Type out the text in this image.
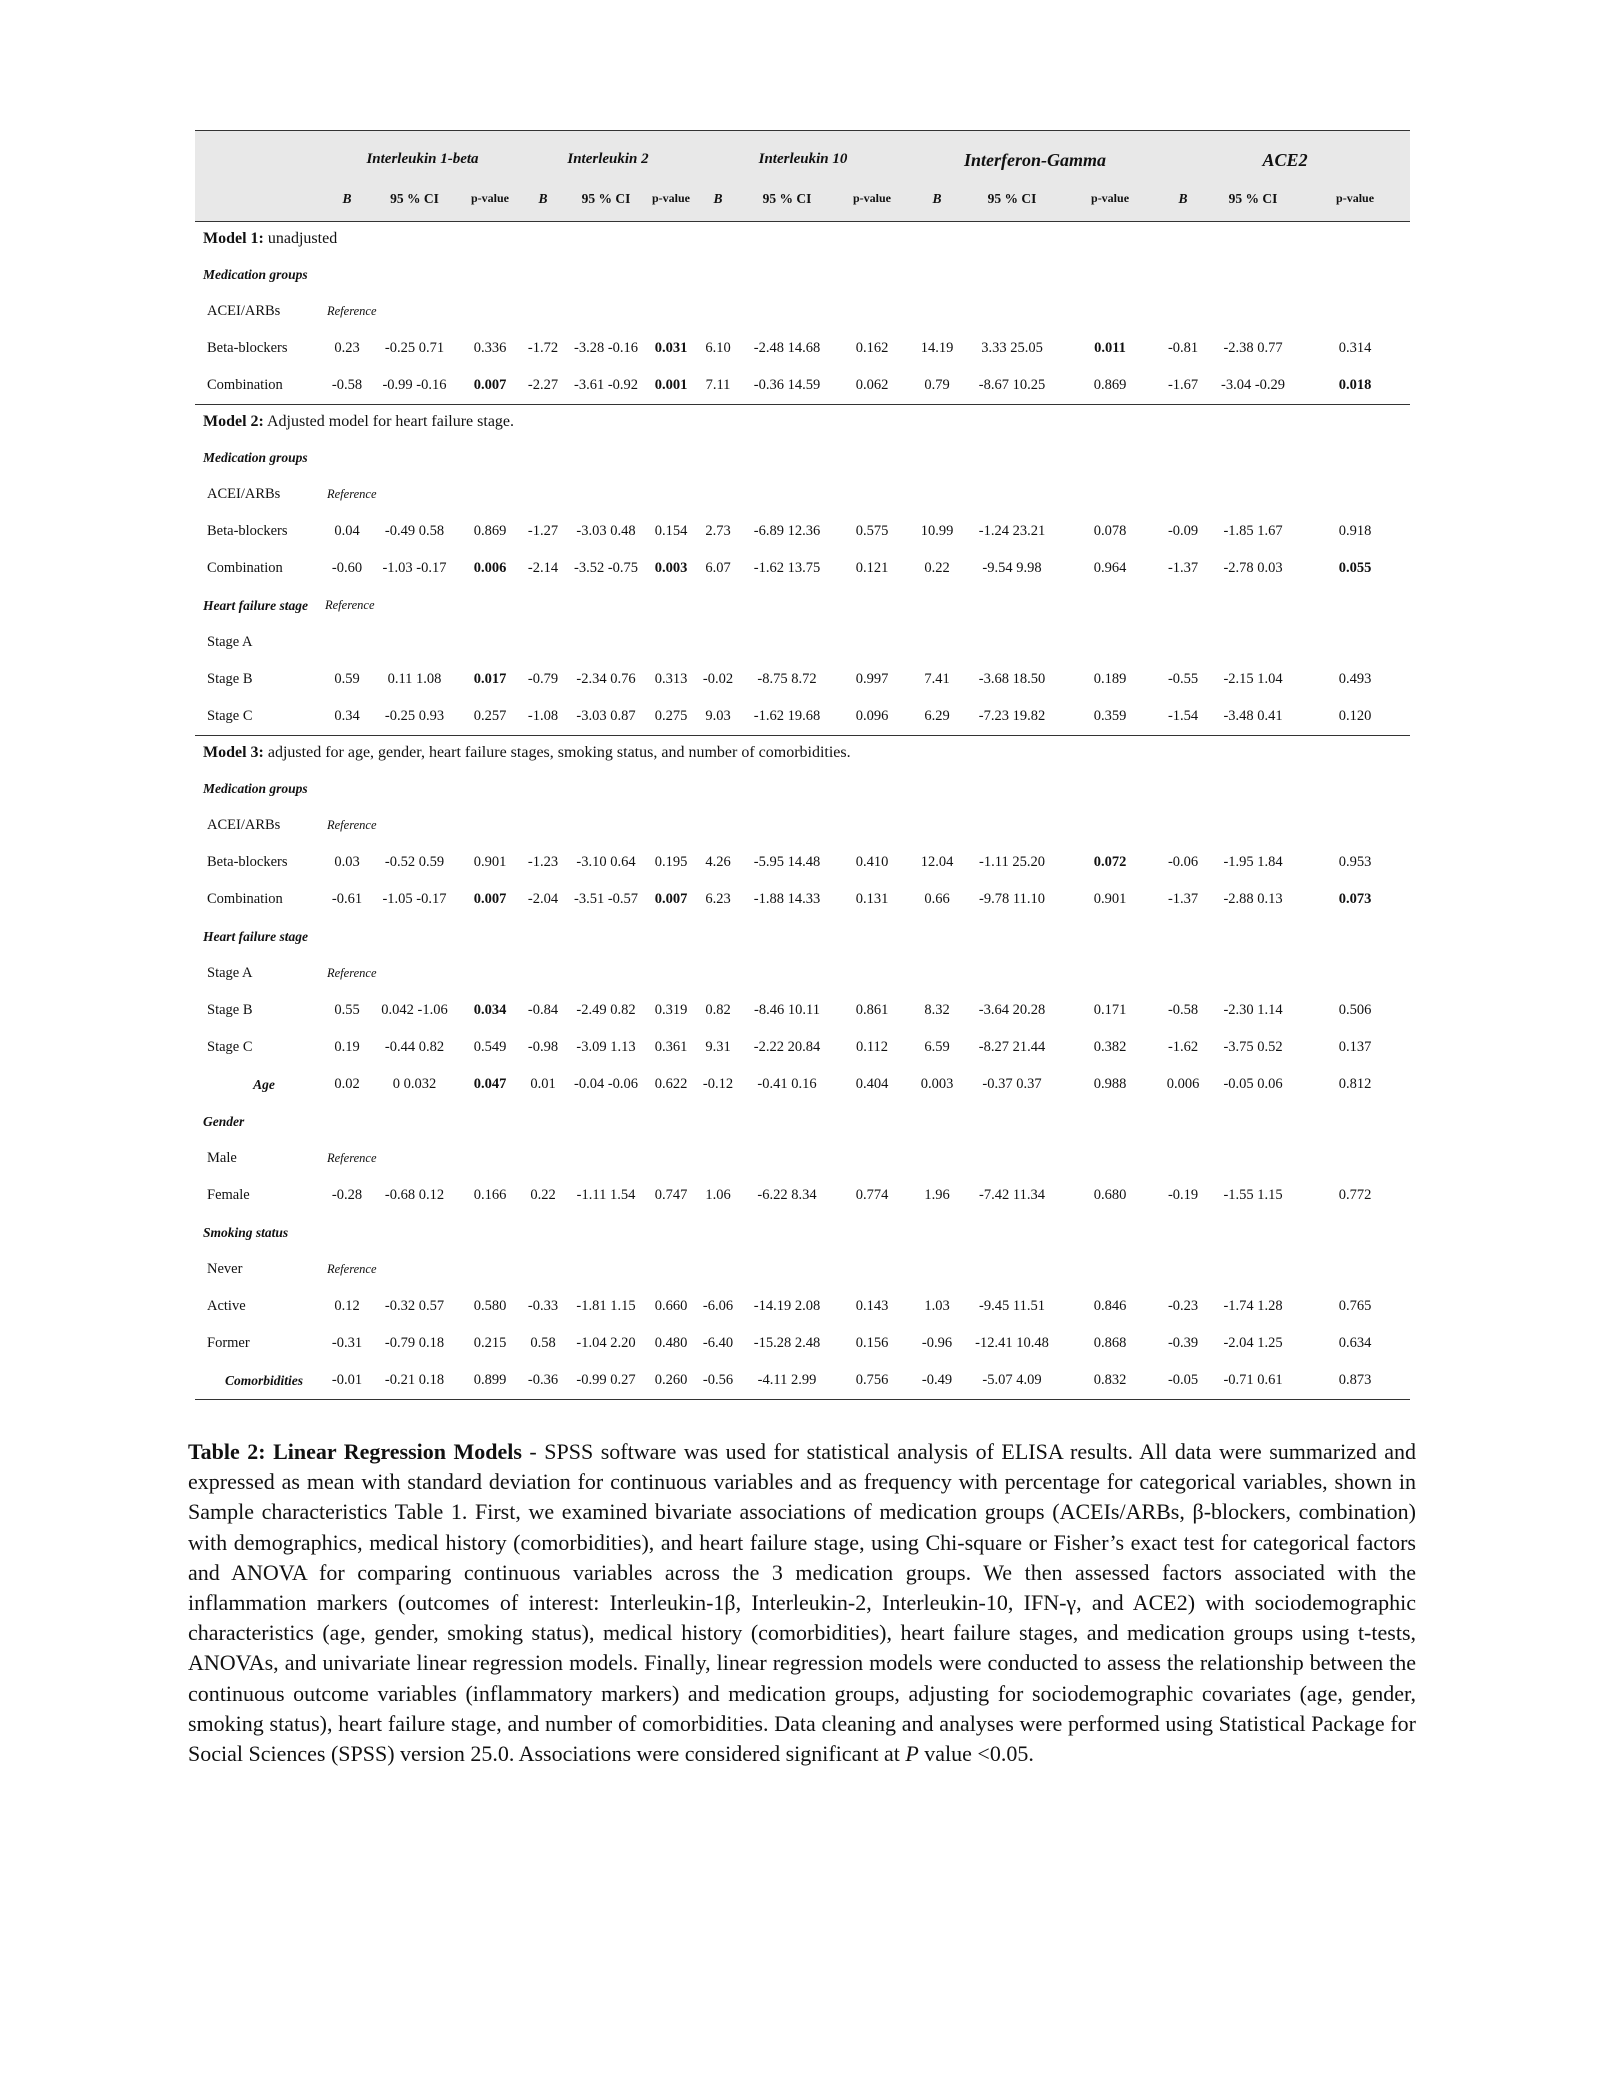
	Interleukin 1-beta			Interleukin 2			Interleukin 10			Interferon-Gamma			ACE2		

	B	95 % CI	p-value	B	95 % CI	p-value	B	95 % CI	p-value	B	95 % CI	p-value	B	95 % CI	p-value
Model 1: unadjusted															
Medication groups															
ACEI/ARBs	Reference														
Beta-blockers	0.23	-0.25 0.71	0.336	-1.72	-3.28 -0.16	0.031	6.10	-2.48 14.68	0.162	14.19	3.33 25.05	0.011	-0.81	-2.38 0.77	0.314
Combination	-0.58	-0.99 -0.16	0.007	-2.27	-3.61 -0.92	0.001	7.11	-0.36 14.59	0.062	0.79	-8.67 10.25	0.869	-1.67	-3.04 -0.29	0.018
Model 2: Adjusted model for heart failure stage.															
Medication groups															
ACEI/ARBs	Reference														
Beta-blockers	0.04	-0.49 0.58	0.869	-1.27	-3.03 0.48	0.154	2.73	-6.89 12.36	0.575	10.99	-1.24 23.21	0.078	-0.09	-1.85 1.67	0.918
Combination	-0.60	-1.03 -0.17	0.006	-2.14	-3.52 -0.75	0.003	6.07	-1.62 13.75	0.121	0.22	-9.54 9.98	0.964	-1.37	-2.78 0.03	0.055
Heart failure stage	Reference														
Stage A															
Stage B	0.59	0.11 1.08	0.017	-0.79	-2.34 0.76	0.313	-0.02	-8.75 8.72	0.997	7.41	-3.68 18.50	0.189	-0.55	-2.15 1.04	0.493
Stage C	0.34	-0.25 0.93	0.257	-1.08	-3.03 0.87	0.275	9.03	-1.62 19.68	0.096	6.29	-7.23 19.82	0.359	-1.54	-3.48 0.41	0.120
Model 3: adjusted for age, gender, heart failure stages, smoking status, and number of comorbidities.															
Medication groups															
ACEI/ARBs	Reference														
Beta-blockers	0.03	-0.52 0.59	0.901	-1.23	-3.10 0.64	0.195	4.26	-5.95 14.48	0.410	12.04	-1.11 25.20	0.072	-0.06	-1.95 1.84	0.953
Combination	-0.61	-1.05 -0.17	0.007	-2.04	-3.51 -0.57	0.007	6.23	-1.88 14.33	0.131	0.66	-9.78 11.10	0.901	-1.37	-2.88 0.13	0.073
Heart failure stage															
Stage A	Reference														
Stage B	0.55	0.042 -1.06	0.034	-0.84	-2.49 0.82	0.319	0.82	-8.46 10.11	0.861	8.32	-3.64 20.28	0.171	-0.58	-2.30 1.14	0.506
Stage C	0.19	-0.44 0.82	0.549	-0.98	-3.09 1.13	0.361	9.31	-2.22 20.84	0.112	6.59	-8.27 21.44	0.382	-1.62	-3.75 0.52	0.137
Age	0.02	0 0.032	0.047	0.01	-0.04 -0.06	0.622	-0.12	-0.41 0.16	0.404	0.003	-0.37 0.37	0.988	0.006	-0.05 0.06	0.812
Gender															
Male	Reference														
Female	-0.28	-0.68 0.12	0.166	0.22	-1.11 1.54	0.747	1.06	-6.22 8.34	0.774	1.96	-7.42 11.34	0.680	-0.19	-1.55 1.15	0.772
Smoking status															
Never	Reference														
Active	0.12	-0.32 0.57	0.580	-0.33	-1.81 1.15	0.660	-6.06	-14.19 2.08	0.143	1.03	-9.45 11.51	0.846	-0.23	-1.74 1.28	0.765
Former	-0.31	-0.79 0.18	0.215	0.58	-1.04 2.20	0.480	-6.40	-15.28 2.48	0.156	-0.96	-12.41 10.48	0.868	-0.39	-2.04 1.25	0.634
Comorbidities	-0.01	-0.21 0.18	0.899	-0.36	-0.99 0.27	0.260	-0.56	-4.11 2.99	0.756	-0.49	-5.07 4.09	0.832	-0.05	-0.71 0.61	0.873
Table 2: Linear Regression Models - SPSS software was used for statistical analysis of ELISA results. All data were summarized and expressed as mean with standard deviation for continuous variables and as frequency with percentage for categorical variables, shown in Sample characteristics Table 1. First, we examined bivariate associations of medication groups (ACEIs/ARBs, β-blockers, combination) with demographics, medical history (comorbidities), and heart failure stage, using Chi-square or Fisher’s exact test for categorical factors and ANOVA for comparing continuous variables across the 3 medication groups. We then assessed factors associated with the inflammation markers (outcomes of interest: Interleukin-1β, Interleukin-2, Interleukin-10, IFN-γ, and ACE2) with sociodemographic characteristics (age, gender, smoking status), medical history (comorbidities), heart failure stages, and medication groups using t-tests, ANOVAs, and univariate linear regression models. Finally, linear regression models were conducted to assess the relationship between the continuous outcome variables (inflammatory markers) and medication groups, adjusting for sociodemographic covariates (age, gender, smoking status), heart failure stage, and number of comorbidities. Data cleaning and analyses were performed using Statistical Package for Social Sciences (SPSS) version 25.0. Associations were considered significant at P value <0.05.
